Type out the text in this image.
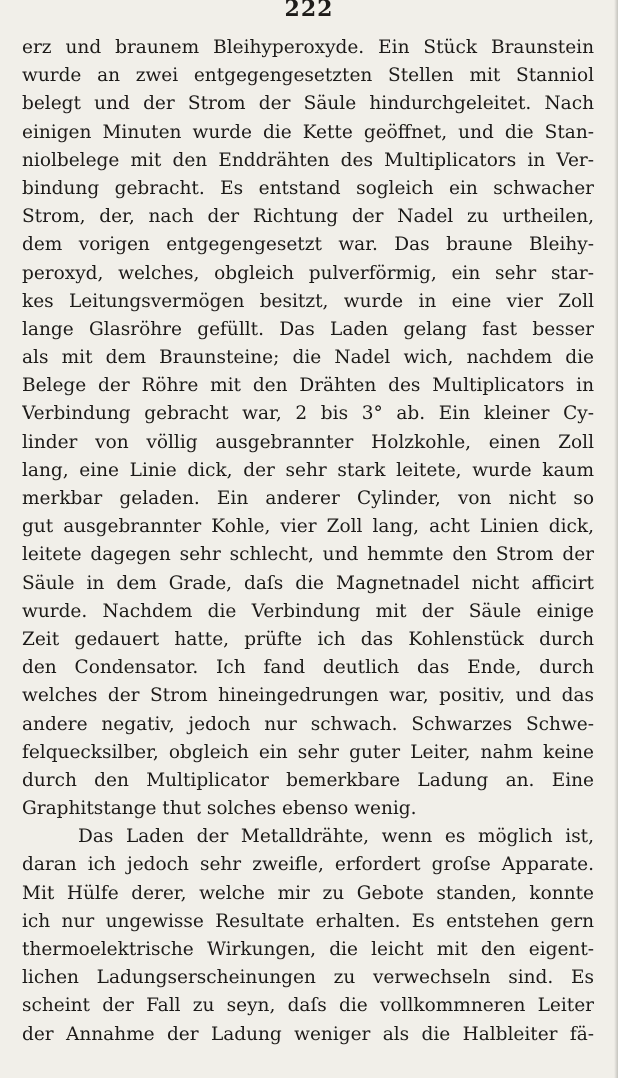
222
erz und braunem Bleihyperoxyde. Ein Stück Braunstein
wurde an zwei entgegengesetzten Stellen mit Stanniol
belegt und der Strom der Säule hindurchgeleitet. Nach
einigen Minuten wurde die Kette geöffnet, und die Stan-
niolbelege mit den Enddrähten des Multiplicators in Ver-
bindung gebracht. Es entstand sogleich ein schwacher
Strom, der, nach der Richtung der Nadel zu urtheilen,
dem vorigen entgegengesetzt war. Das braune Bleihy-
peroxyd, welches, obgleich pulverförmig, ein sehr star-
kes Leitungsvermögen besitzt, wurde in eine vier Zoll
lange Glasröhre gefüllt. Das Laden gelang fast besser
als mit dem Braunsteine; die Nadel wich, nachdem die
Belege der Röhre mit den Drähten des Multiplicators in
Verbindung gebracht war, 2 bis 3° ab. Ein kleiner Cy-
linder von völlig ausgebrannter Holzkohle, einen Zoll
lang, eine Linie dick, der sehr stark leitete, wurde kaum
merkbar geladen. Ein anderer Cylinder, von nicht so
gut ausgebrannter Kohle, vier Zoll lang, acht Linien dick,
leitete dagegen sehr schlecht, und hemmte den Strom der
Säule in dem Grade, daſs die Magnetnadel nicht afficirt
wurde. Nachdem die Verbindung mit der Säule einige
Zeit gedauert hatte, prüfte ich das Kohlenstück durch
den Condensator. Ich fand deutlich das Ende, durch
welches der Strom hineingedrungen war, positiv, und das
andere negativ, jedoch nur schwach. Schwarzes Schwe-
felquecksilber, obgleich ein sehr guter Leiter, nahm keine
durch den Multiplicator bemerkbare Ladung an. Eine
Graphitstange thut solches ebenso wenig.
Das Laden der Metalldrähte, wenn es möglich ist,
daran ich jedoch sehr zweifle, erfordert groſse Apparate.
Mit Hülfe derer, welche mir zu Gebote standen, konnte
ich nur ungewisse Resultate erhalten. Es entstehen gern
thermoelektrische Wirkungen, die leicht mit den eigent-
lichen Ladungserscheinungen zu verwechseln sind. Es
scheint der Fall zu seyn, daſs die vollkommneren Leiter
der Annahme der Ladung weniger als die Halbleiter fä-
